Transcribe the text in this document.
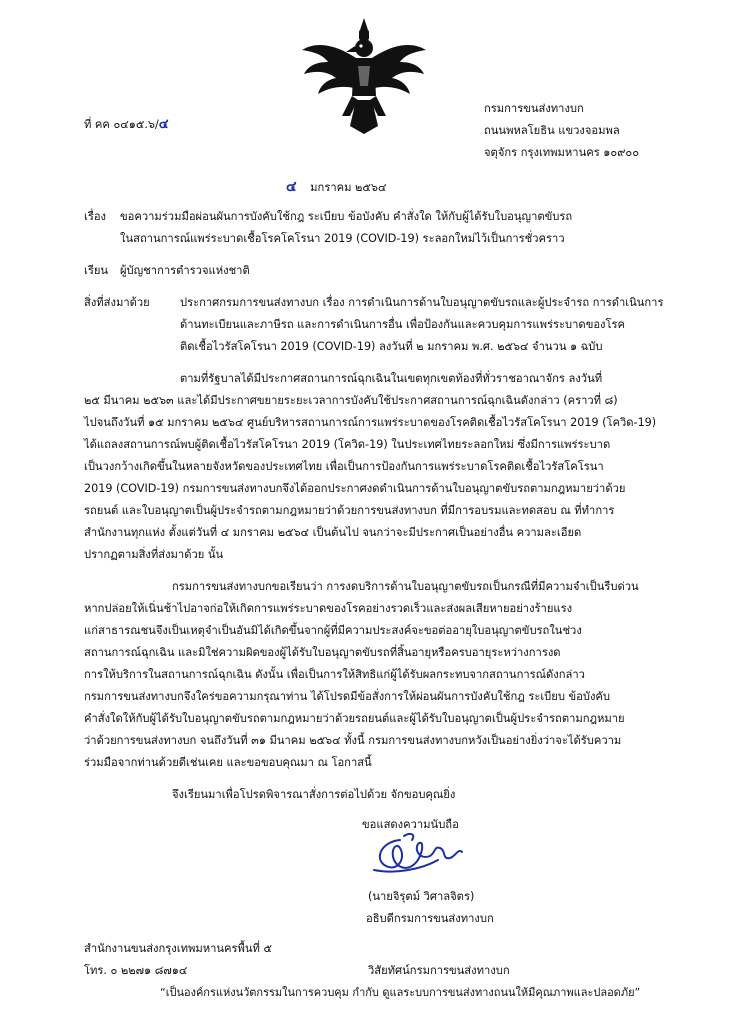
ที่ คค ๐๔๑๕.๖/๔
กรมการขนส่งทางบก
ถนนพหลโยธิน แขวงจอมพล
จตุจักร กรุงเทพมหานคร ๑๐๙๐๐
๔ มกราคม ๒๕๖๔
เรื่อง ขอความร่วมมือผ่อนผันการบังคับใช้กฎ ระเบียบ ข้อบังคับ คำสั่งใด ให้กับผู้ได้รับใบอนุญาตขับรถ
ในสถานการณ์แพร่ระบาดเชื้อโรคโคโรนา 2019 (COVID-19) ระลอกใหม่ไว้เป็นการชั่วคราว
เรียน ผู้บัญชาการตำรวจแห่งชาติ
สิ่งที่ส่งมาด้วย	ประกาศกรมการขนส่งทางบก เรื่อง การดำเนินการด้านใบอนุญาตขับรถและผู้ประจำรถ การดำเนินการ
ด้านทะเบียนและภาษีรถ และการดำเนินการอื่น เพื่อป้องกันและควบคุมการแพร่ระบาดของโรค
ติดเชื้อไวรัสโคโรนา 2019 (COVID-19) ลงวันที่ ๒ มกราคม พ.ศ. ๒๕๖๔ จำนวน ๑ ฉบับ
ตามที่รัฐบาลได้มีประกาศสถานการณ์ฉุกเฉินในเขตทุกเขตท้องที่ทั่วราชอาณาจักร ลงวันที่
๒๕ มีนาคม ๒๕๖๓ และได้มีประกาศขยายระยะเวลาการบังคับใช้ประกาศสถานการณ์ฉุกเฉินดังกล่าว (คราวที่ ๘)
ไปจนถึงวันที่ ๑๕ มกราคม ๒๕๖๔ ศูนย์บริหารสถานการณ์การแพร่ระบาดของโรคติดเชื้อไวรัสโคโรนา 2019 (โควิด-19)
ได้แถลงสถานการณ์พบผู้ติดเชื้อไวรัสโคโรนา 2019 (โควิด-19) ในประเทศไทยระลอกใหม่ ซึ่งมีการแพร่ระบาด
เป็นวงกว้างเกิดขึ้นในหลายจังหวัดของประเทศไทย เพื่อเป็นการป้องกันการแพร่ระบาดโรคติดเชื้อไวรัสโคโรนา
2019 (COVID-19) กรมการขนส่งทางบกจึงได้ออกประกาศงดดำเนินการด้านใบอนุญาตขับรถตามกฎหมายว่าด้วย
รถยนต์ และใบอนุญาตเป็นผู้ประจำรถตามกฎหมายว่าด้วยการขนส่งทางบก ที่มีการอบรมและทดสอบ ณ ที่ทำการ
สำนักงานทุกแห่ง ตั้งแต่วันที่ ๔ มกราคม ๒๕๖๔ เป็นต้นไป จนกว่าจะมีประกาศเป็นอย่างอื่น ความละเอียด
ปรากฏตามสิ่งที่ส่งมาด้วย นั้น
กรมการขนส่งทางบกขอเรียนว่า การงดบริการด้านใบอนุญาตขับรถเป็นกรณีที่มีความจำเป็นรีบด่วน
หากปล่อยให้เนิ่นช้าไปอาจก่อให้เกิดการแพร่ระบาดของโรคอย่างรวดเร็วและส่งผลเสียหายอย่างร้ายแรง
แก่สาธารณชนจึงเป็นเหตุจำเป็นอันมิได้เกิดขึ้นจากผู้ที่มีความประสงค์จะขอต่ออายุใบอนุญาตขับรถในช่วง
สถานการณ์ฉุกเฉิน และมิใช่ความผิดของผู้ได้รับใบอนุญาตขับรถที่สิ้นอายุหรือครบอายุระหว่างการงด
การให้บริการในสถานการณ์ฉุกเฉิน ดังนั้น เพื่อเป็นการให้สิทธิแก่ผู้ได้รับผลกระทบจากสถานการณ์ดังกล่าว
กรมการขนส่งทางบกจึงใคร่ขอความกรุณาท่าน ได้โปรดมีข้อสั่งการให้ผ่อนผันการบังคับใช้กฎ ระเบียบ ข้อบังคับ
คำสั่งใดให้กับผู้ได้รับใบอนุญาตขับรถตามกฎหมายว่าด้วยรถยนต์และผู้ได้รับใบอนุญาตเป็นผู้ประจำรถตามกฎหมาย
ว่าด้วยการขนส่งทางบก จนถึงวันที่ ๓๑ มีนาคม ๒๕๖๔ ทั้งนี้ กรมการขนส่งทางบกหวังเป็นอย่างยิ่งว่าจะได้รับความ
ร่วมมือจากท่านด้วยดีเช่นเคย และขอขอบคุณมา ณ โอกาสนี้
จึงเรียนมาเพื่อโปรดพิจารณาสั่งการต่อไปด้วย จักขอบคุณยิ่ง
ขอแสดงความนับถือ
(นายจิรุตม์ วิศาลจิตร)
อธิบดีกรมการขนส่งทางบก
สำนักงานขนส่งกรุงเทพมหานครพื้นที่ ๕
โทร. ๐ ๒๒๗๑ ๘๗๑๔	วิสัยทัศน์กรมการขนส่งทางบก
“เป็นองค์กรแห่งนวัตกรรมในการควบคุม กำกับ ดูแลระบบการขนส่งทางถนนให้มีคุณภาพและปลอดภัย”
